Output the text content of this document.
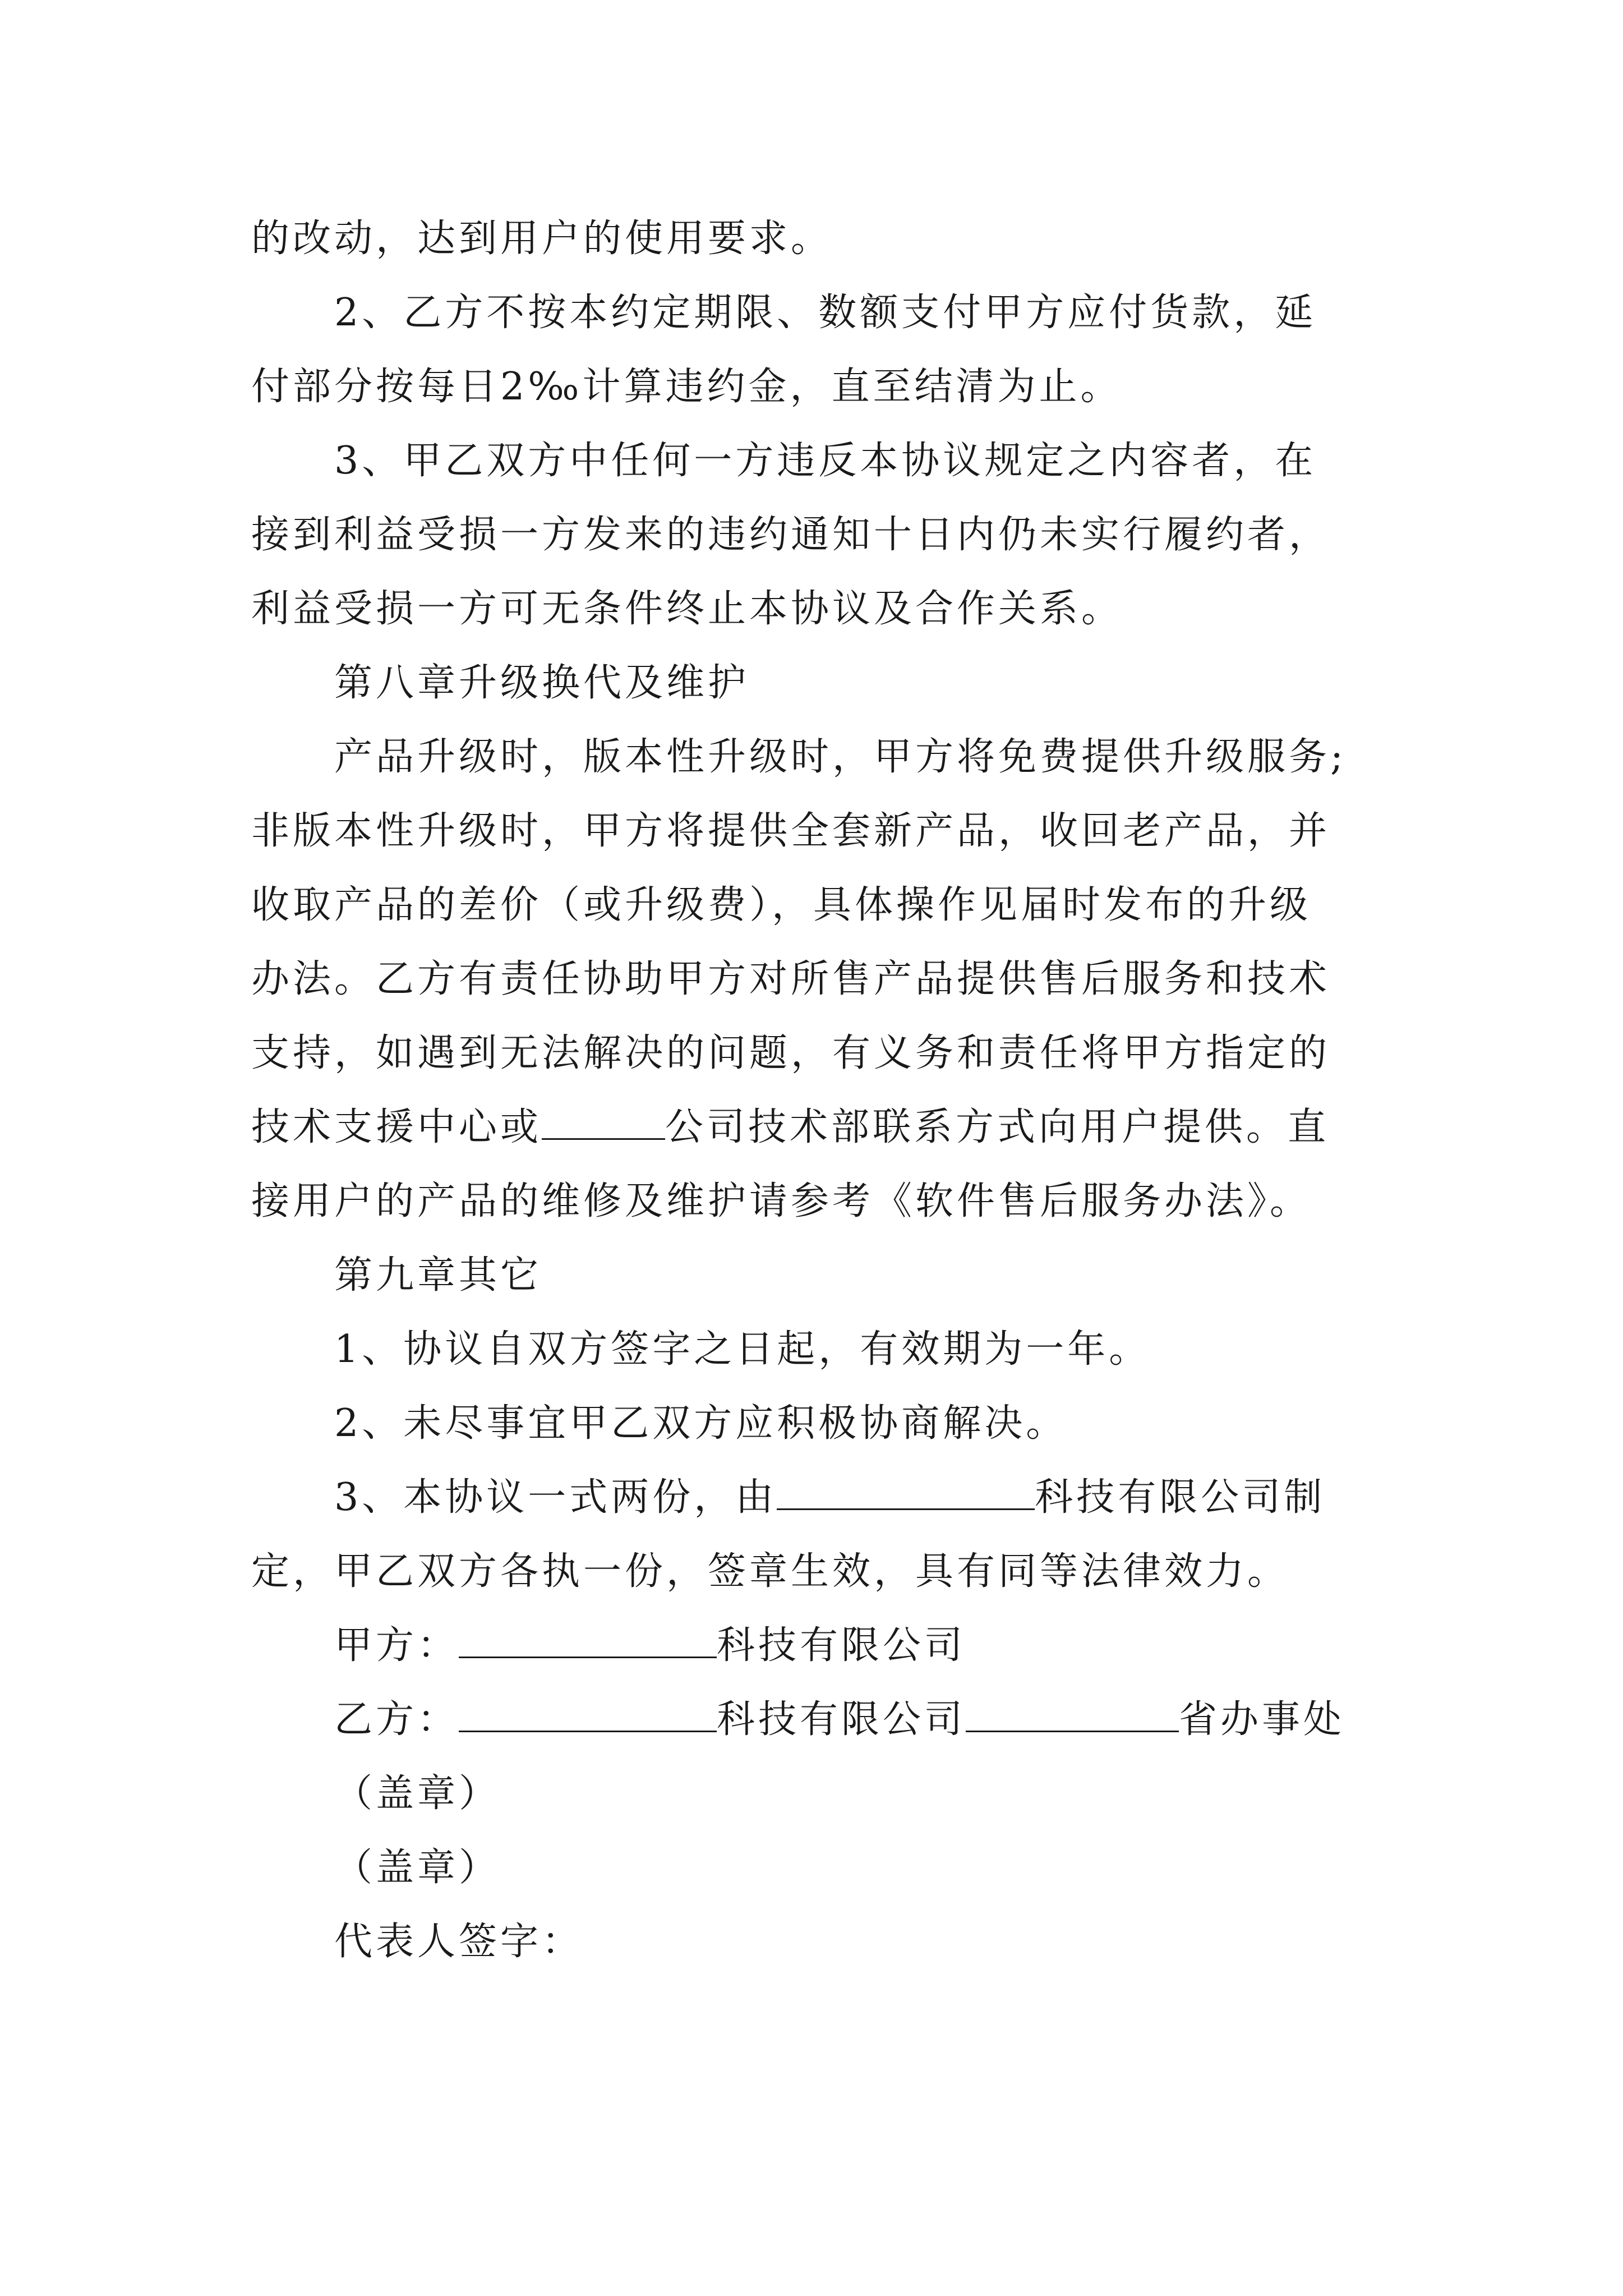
的改动，达到用户的使用要求。
2、乙方不按本约定期限、数额支付甲方应付货款，延
付部分按每日2‰计算违约金，直至结清为止。
3、甲乙双方中任何一方违反本协议规定之内容者，在
接到利益受损一方发来的违约通知十日内仍未实行履约者，
利益受损一方可无条件终止本协议及合作关系。
第八章升级换代及维护
产品升级时，版本性升级时，甲方将免费提供升级服务;
非版本性升级时，甲方将提供全套新产品，收回老产品，并
收取产品的差价（或升级费），具体操作见届时发布的升级
办法。乙方有责任协助甲方对所售产品提供售后服务和技术
支持，如遇到无法解决的问题，有义务和责任将甲方指定的
技术支援中心或	公司技术部联系方式向用户提供。直
接用户的产品的维修及维护请参考《软件售后服务办法》。
第九章其它
1、协议自双方签字之日起，有效期为一年。
2、未尽事宜甲乙双方应积极协商解决。
3、本协议一式两份，由	科技有限公司制
定，甲乙双方各执一份，签章生效，具有同等法律效力。
甲方：	科技有限公司
乙方：	科技有限公司	省办事处
（盖章）
（盖章）
代表人签字：
